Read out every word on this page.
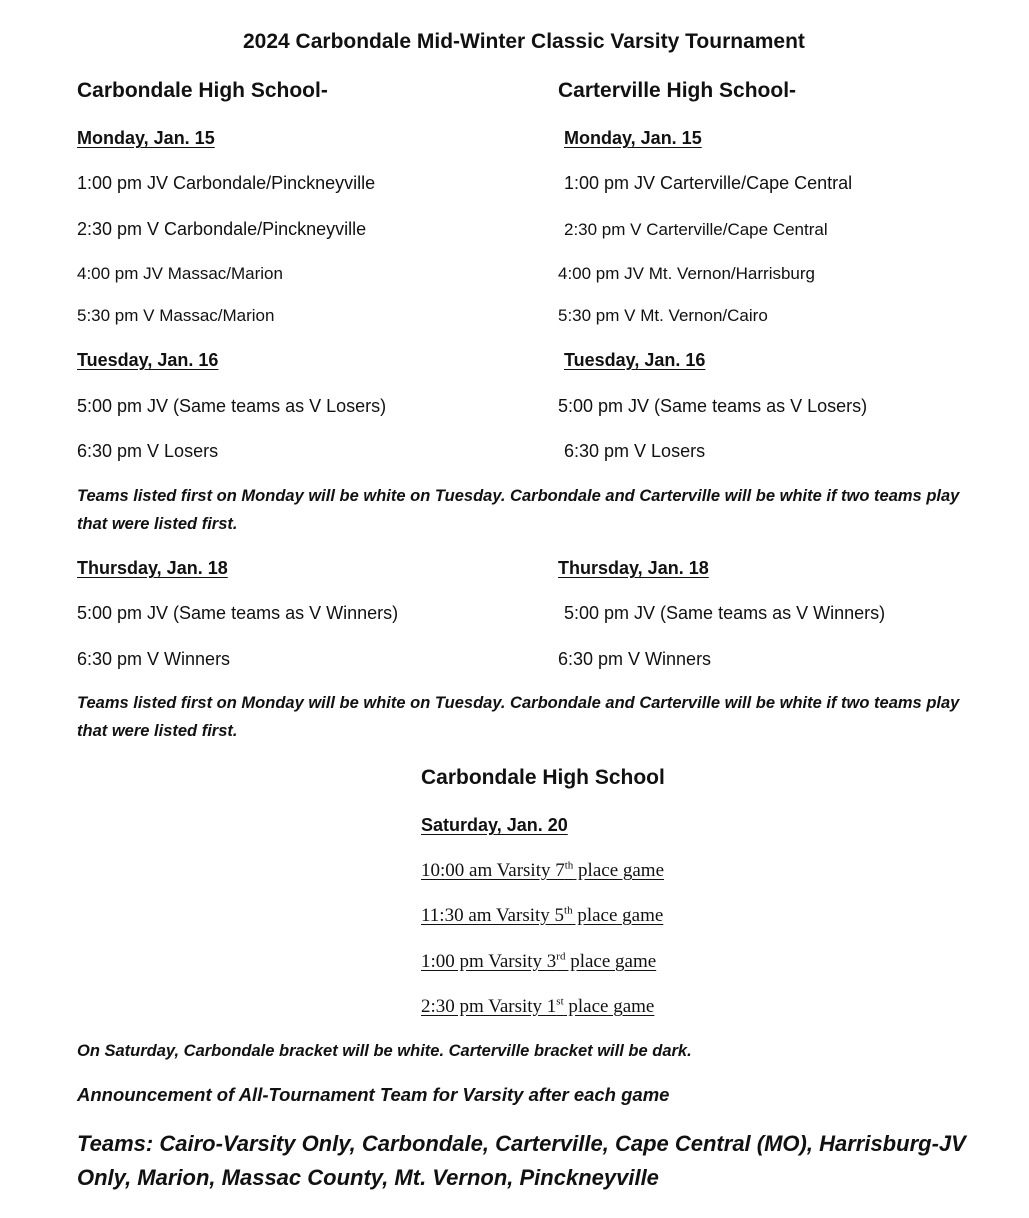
2024 Carbondale Mid-Winter Classic Varsity Tournament
Carbondale High School-
Monday, Jan. 15
1:00 pm JV Carbondale/Pinckneyville
2:30 pm V Carbondale/Pinckneyville
4:00 pm JV Massac/Marion
5:30 pm V Massac/Marion
Tuesday, Jan. 16
5:00 pm JV (Same teams as V Losers)
6:30 pm V Losers
Carterville High School-
Monday, Jan. 15
1:00 pm JV Carterville/Cape Central
2:30 pm V Carterville/Cape Central
4:00 pm JV Mt. Vernon/Harrisburg
5:30 pm V Mt. Vernon/Cairo
Tuesday, Jan. 16
5:00 pm JV (Same teams as V Losers)
6:30 pm V Losers
Teams listed first on Monday will be white on Tuesday. Carbondale and Carterville will be white if two teams play that were listed first.
Thursday, Jan. 18
5:00 pm JV (Same teams as V Winners)
6:30 pm V Winners
Thursday, Jan. 18
5:00 pm JV (Same teams as V Winners)
6:30 pm V Winners
Teams listed first on Monday will be white on Tuesday. Carbondale and Carterville will be white if two teams play that were listed first.
Carbondale High School
Saturday, Jan. 20
10:00 am Varsity 7th place game
11:30 am Varsity 5th place game
1:00 pm Varsity 3rd place game
2:30 pm Varsity 1st place game
On Saturday, Carbondale bracket will be white. Carterville bracket will be dark.
Announcement of All-Tournament Team for Varsity after each game
Teams: Cairo-Varsity Only, Carbondale, Carterville, Cape Central (MO), Harrisburg-JV Only, Marion, Massac County, Mt. Vernon, Pinckneyville
